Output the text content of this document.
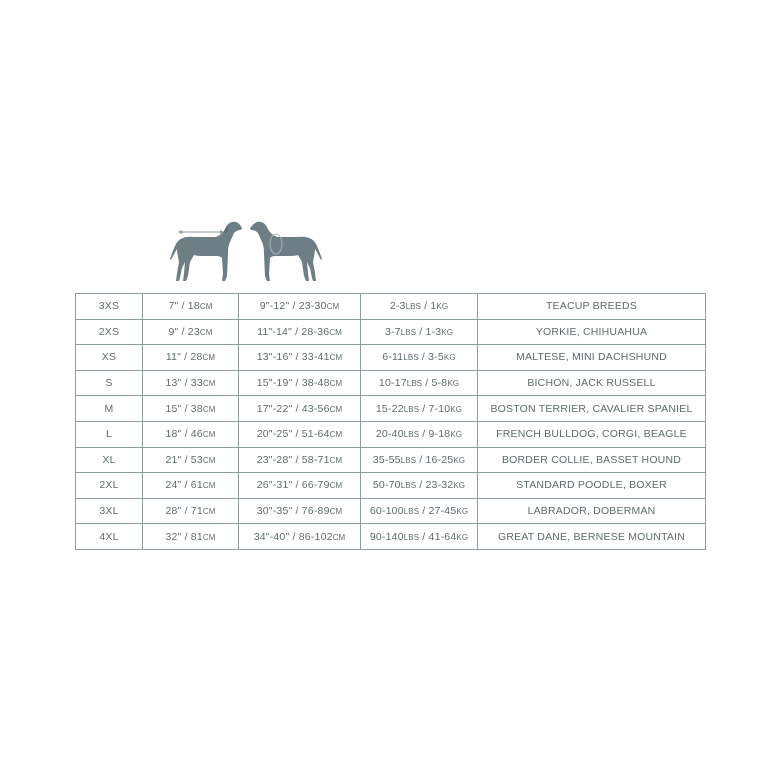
3XS	7" / 18CM	9"-12" / 23-30CM	2-3LBS / 1KG	TEACUP BREEDS
2XS	9" / 23CM	11"-14" / 28-36CM	3-7LBS / 1-3KG	YORKIE, CHIHUAHUA
XS	11" / 28CM	13"-16" / 33-41CM	6-11LBS / 3-5KG	MALTESE, MINI DACHSHUND
S	13" / 33CM	15"-19" / 38-48CM	10-17LBS / 5-8KG	BICHON, JACK RUSSELL
M	15" / 38CM	17"-22" / 43-56CM	15-22LBS / 7-10KG	BOSTON TERRIER, CAVALIER SPANIEL
L	18" / 46CM	20"-25" / 51-64CM	20-40LBS / 9-18KG	FRENCH BULLDOG, CORGI, BEAGLE
XL	21" / 53CM	23"-28" / 58-71CM	35-55LBS / 16-25KG	BORDER COLLIE, BASSET HOUND
2XL	24" / 61CM	26"-31" / 66-79CM	50-70LBS / 23-32KG	STANDARD POODLE, BOXER
3XL	28" / 71CM	30"-35" / 76-89CM	60-100LBS / 27-45KG	LABRADOR, DOBERMAN
4XL	32" / 81CM	34"-40" / 86-102CM	90-140LBS / 41-64KG	GREAT DANE, BERNESE MOUNTAIN
